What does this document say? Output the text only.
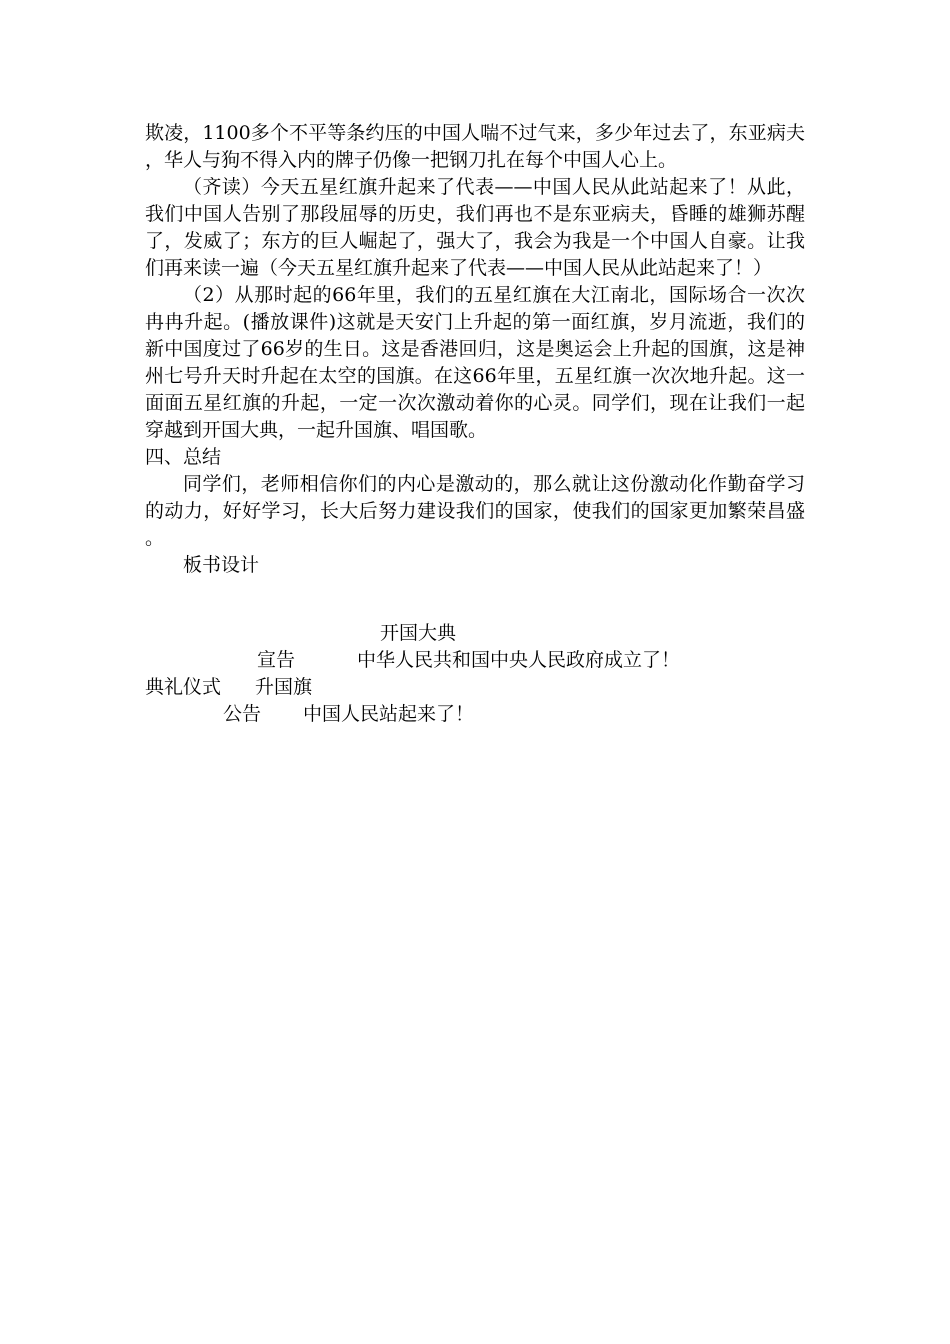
欺凌，1100多个不平等条约压的中国人喘不过气来，多少年过去了，东亚病夫，华人与狗不得入内的牌子仍像一把钢刀扎在每个中国人心上。

（齐读）今天五星红旗升起来了代表——中国人民从此站起来了！从此，我们中国人告别了那段屈辱的历史，我们再也不是东亚病夫，昏睡的雄狮苏醒了，发威了；东方的巨人崛起了，强大了，我会为我是一个中国人自豪。让我们再来读一遍（今天五星红旗升起来了代表——中国人民从此站起来了！）

（2）从那时起的66年里，我们的五星红旗在大江南北，国际场合一次次冉冉升起。(播放课件)这就是天安门上升起的第一面红旗，岁月流逝，我们的新中国度过了66岁的生日。这是香港回归，这是奥运会上升起的国旗，这是神州七号升天时升起在太空的国旗。在这66年里，五星红旗一次次地升起。这一面面五星红旗的升起，一定一次次激动着你的心灵。同学们，现在让我们一起穿越到开国大典，一起升国旗、唱国歌。

四、总结

同学们，老师相信你们的内心是激动的，那么就让这份激动化作勤奋学习的动力，好好学习，长大后努力建设我们的国家，使我们的国家更加繁荣昌盛。

板书设计

开国大典
宣告	中华人民共和国中央人民政府成立了！
典礼仪式 升国旗
公告 中国人民站起来了！
